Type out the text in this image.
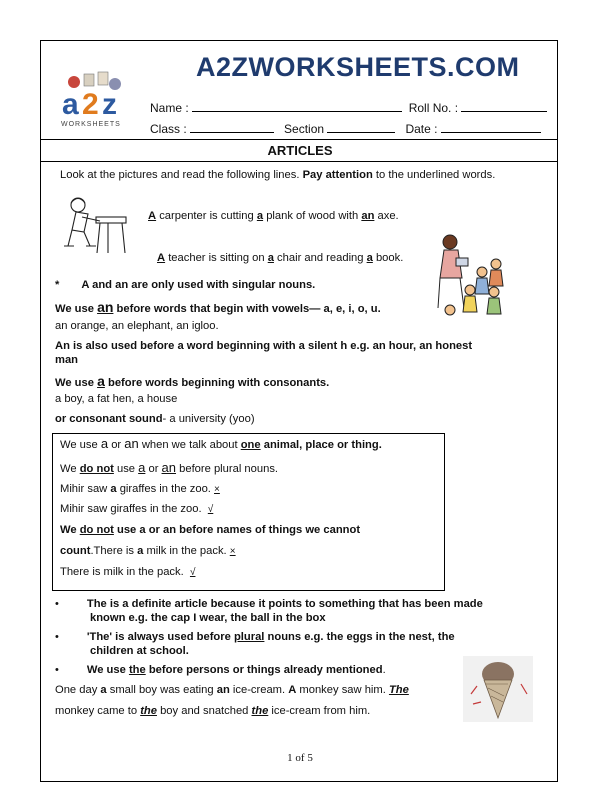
a 2 z
WORKSHEETS
A2ZWORKSHEETS.COM
Name :	Roll No. :
Class :	Section	Date :
ARTICLES
Look at the pictures and read the following lines. Pay attention to the underlined words.
A carpenter is cutting a plank of wood with an axe.
A teacher is sitting on a chair and reading a book.
* A and an are only used with singular nouns.
We use an before words that begin with vowels— a, e, i, o, u.
an orange, an elephant, an igloo.
An is also used before a word beginning with a silent h e.g. an hour, an honest
man
We use a before words beginning with consonants.
a boy, a fat hen, a house
or consonant sound- a university (yoo)
We use a or an when we talk about one animal, place or thing.
We do not use a or an before plural nouns.
Mihir saw a giraffes in the zoo. ×
Mihir saw giraffes in the zoo. √
We do not use a or an before names of things we cannot
count.There is a milk in the pack. ×
There is milk in the pack. √
•	The is a definite article because it points to something that has been made
known e.g. the cap I wear, the ball in the box
•	'The' is always used before plural nouns e.g. the eggs in the nest, the
children at school.
•	We use the before persons or things already mentioned.
One day a small boy was eating an ice-cream. A monkey saw him. The
monkey came to the boy and snatched the ice-cream from him.
1 of 5
